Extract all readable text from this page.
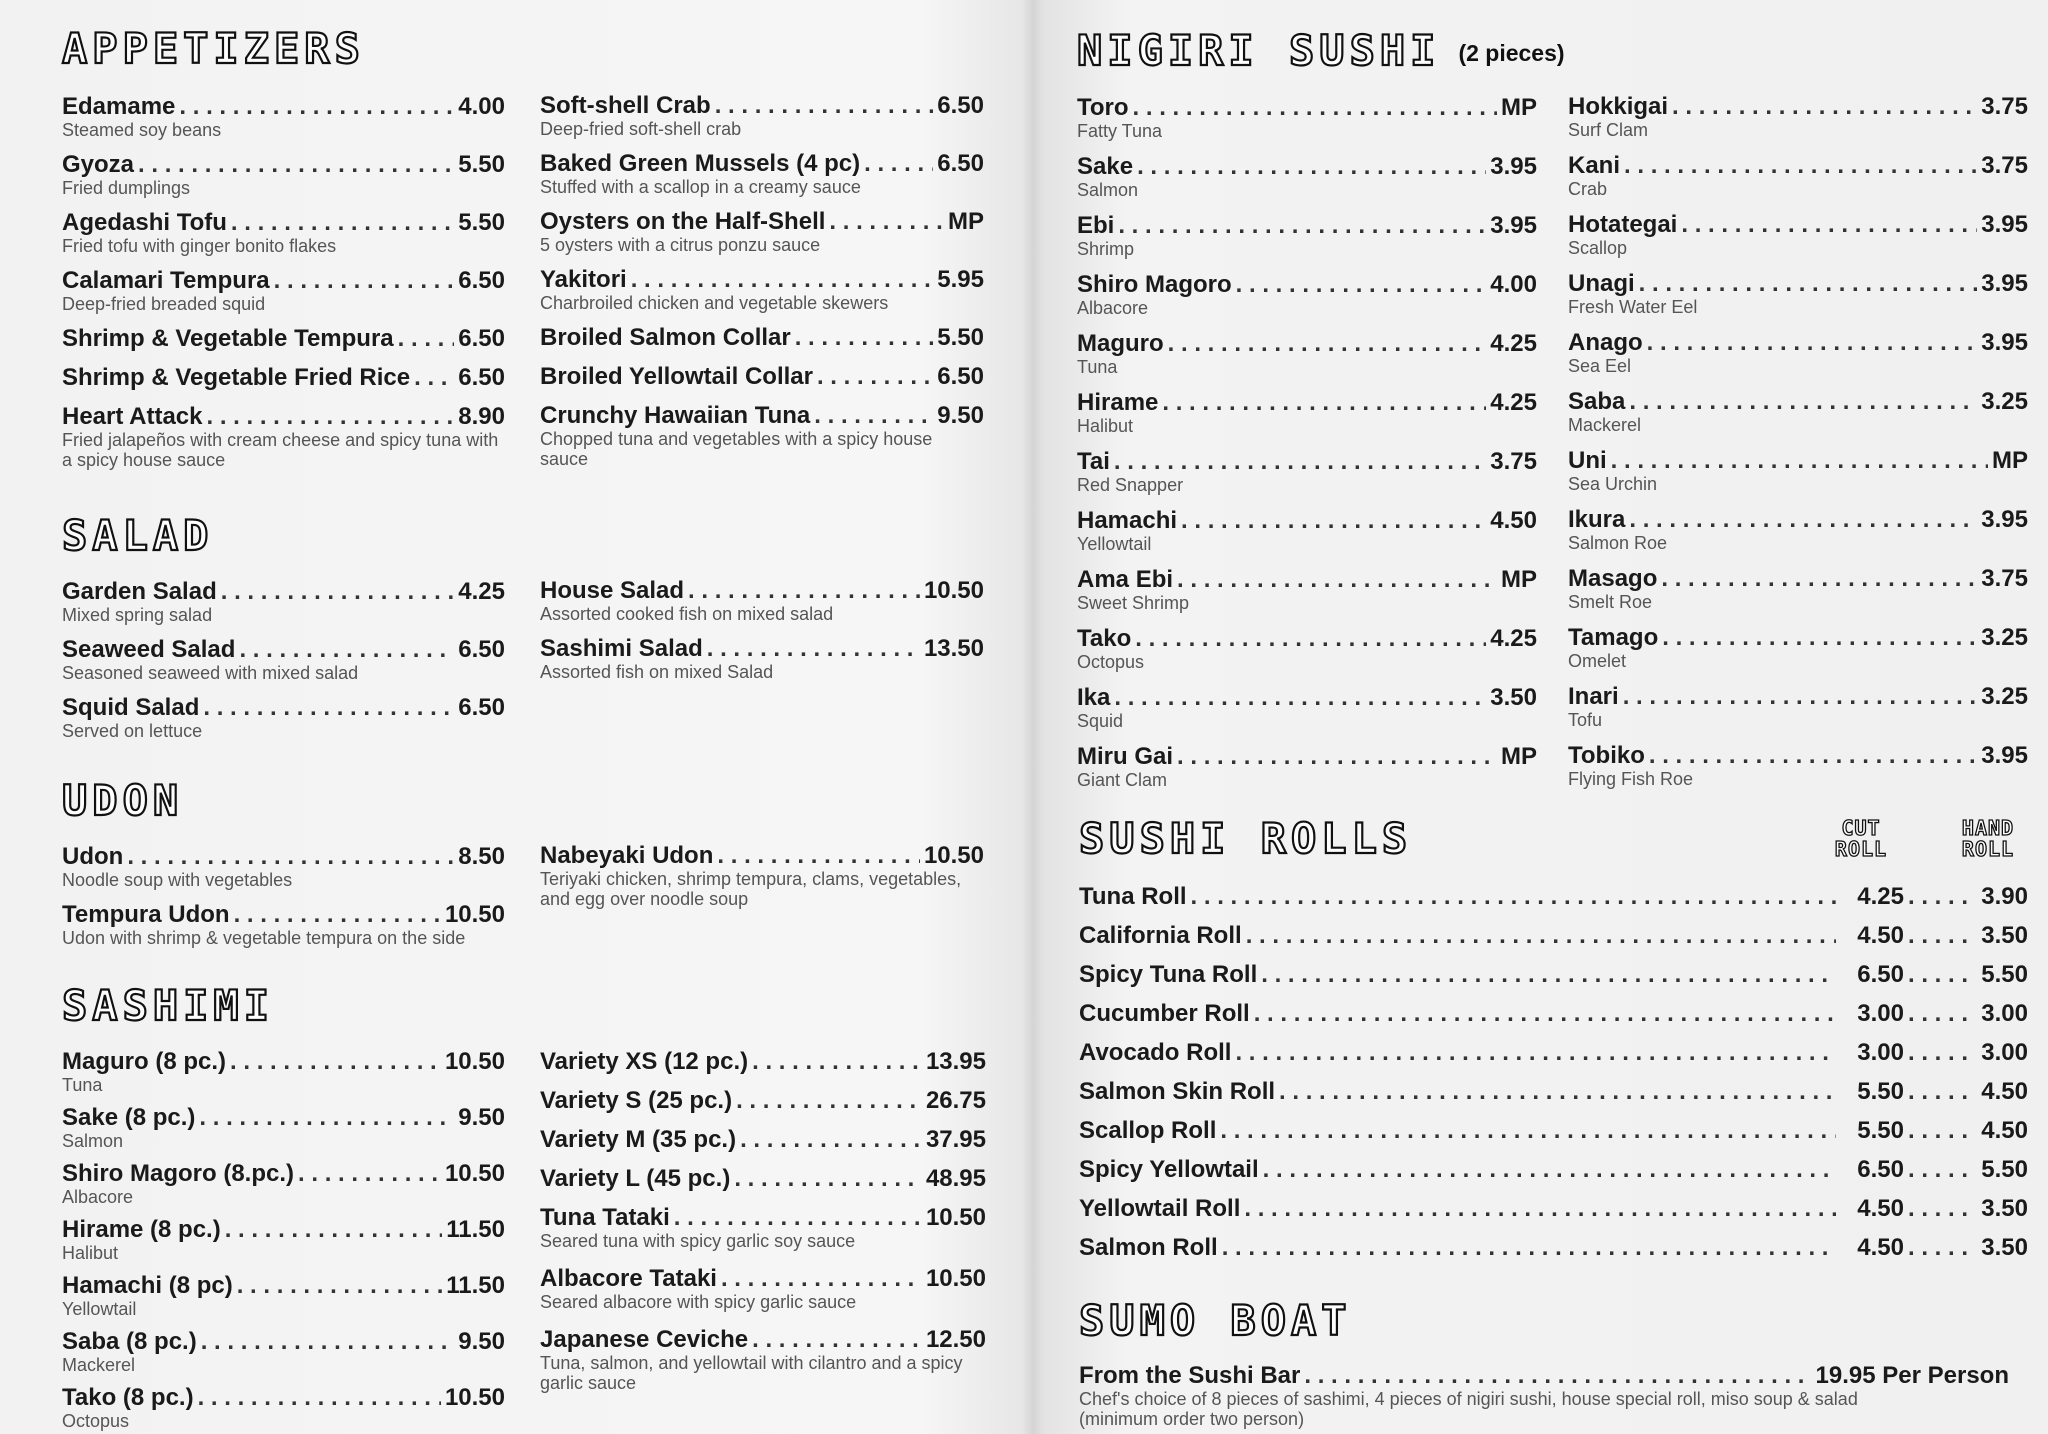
APPETIZERS
Edamame . . .	4.00
Steamed soy beans
Gyoza . . .	5.50
Fried dumplings
Agedashi Tofu . . .	5.50
Fried tofu with ginger bonito flakes
Calamari Tempura . . .	6.50
Deep-fried breaded squid
Shrimp & Vegetable Tempura . . .	6.50
Shrimp & Vegetable Fried Rice . . . 6.50
Heart Attack . . .	8.90
Fried jalapeños with cream cheese and spicy tuna with a spicy house sauce
Soft-shell Crab . . .	6.50
Deep-fried soft-shell crab
Baked Green Mussels (4 pc) . . .	6.50
Stuffed with a scallop in a creamy sauce
Oysters on the Half-Shell . . .	MP
5 oysters with a citrus ponzu sauce
Yakitori . . .	5.95
Charbroiled chicken and vegetable skewers
Broiled Salmon Collar . . .	5.50
Broiled Yellowtail Collar . . .	6.50
Crunchy Hawaiian Tuna . . .	9.50
Chopped tuna and vegetables with a spicy house sauce
SALAD
Garden Salad . . .	4.25
Mixed spring salad
Seaweed Salad . . .	6.50
Seasoned seaweed with mixed salad
Squid Salad . . .	6.50
Served on lettuce
House Salad . . .	10.50
Assorted cooked fish on mixed salad
Sashimi Salad . . .	13.50
Assorted fish on mixed Salad
UDON
Udon . . .	8.50
Noodle soup with vegetables
Tempura Udon . . .	10.50
Udon with shrimp & vegetable tempura on the side
Nabeyaki Udon . . .	10.50
Teriyaki chicken, shrimp tempura, clams, vegetables, and egg over noodle soup
SASHIMI
Maguro (8 pc.) . . .	10.50
Tuna
Sake (8 pc.) . . .	9.50
Salmon
Shiro Magoro (8.pc.) . . .	10.50
Albacore
Hirame (8 pc.) . . .	11.50
Halibut
Hamachi (8 pc) . . .	11.50
Yellowtail
Saba (8 pc.) . . .	9.50
Mackerel
Tako (8 pc.) . . .	10.50
Octopus
Variety XS (12 pc.) . . .	13.95
Variety S (25 pc.) . . .	26.75
Variety M (35 pc.) . . .	37.95
Variety L (45 pc.) . . .	48.95
Tuna Tataki . . .	10.50
Seared tuna with spicy garlic soy sauce
Albacore Tataki . . .	10.50
Seared albacore with spicy garlic sauce
Japanese Ceviche . . .	12.50
Tuna, salmon, and yellowtail with cilantro and a spicy garlic sauce
NIGIRI SUSHI (2 pieces)
Toro . . .	MP
Fatty Tuna
Sake . . .	3.95
Salmon
Ebi . . .	3.95
Shrimp
Shiro Magoro . . .	4.00
Albacore
Maguro . . .	4.25
Tuna
Hirame . . .	4.25
Halibut
Tai . . .	3.75
Red Snapper
Hamachi . . .	4.50
Yellowtail
Ama Ebi . . .	MP
Sweet Shrimp
Tako . . .	4.25
Octopus
Ika . . .	3.50
Squid
Miru Gai . . .	MP
Giant Clam
Hokkigai . . .	3.75
Surf Clam
Kani . . .	3.75
Crab
Hotategai . . .	3.95
Scallop
Unagi . . .	3.95
Fresh Water Eel
Anago . . .	3.95
Sea Eel
Saba . . .	3.25
Mackerel
Uni . . .	MP
Sea Urchin
Ikura . . .	3.95
Salmon Roe
Masago . . .	3.75
Smelt Roe
Tamago . . .	3.25
Omelet
Inari . . .	3.25
Tofu
Tobiko . . .	3.95
Flying Fish Roe
SUSHI ROLLS	CUT ROLL
HAND ROLL
Tuna Roll . . .	4.25 . . .	3.90
California Roll . . .	4.50 . . .	3.50
Spicy Tuna Roll . . .	6.50 . . .	5.50
Cucumber Roll . . .	3.00 . . .	3.00
Avocado Roll . . .	3.00 . . .	3.00
Salmon Skin Roll . . .	5.50 . . .	4.50
Scallop Roll . . .	5.50 . . .	4.50
Spicy Yellowtail . . .	6.50 . . .	5.50
Yellowtail Roll . . .	4.50 . . .	3.50
Salmon Roll . . .	4.50 . . .	3.50
SUMO BOAT
From the Sushi Bar . . .	19.95 Per Person
Chef's choice of 8 pieces of sashimi, 4 pieces of nigiri sushi, house special roll, miso soup & salad (minimum order two person)
